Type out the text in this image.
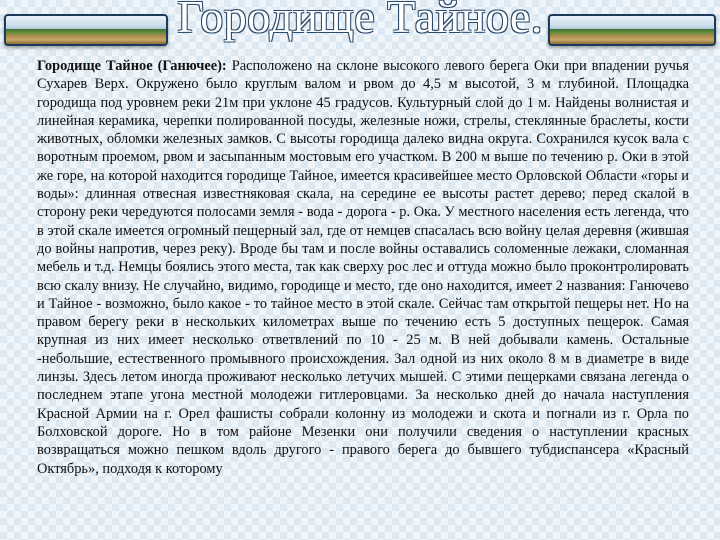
Городище Тайное.

Городище Тайное (Ганючее): Расположено на склоне высокого левого берега Оки при впадении ручья Сухарев Верх. Окружено было круглым валом и рвом до 4,5 м высотой, 3 м глубиной. Площадка городища под уровнем реки 21м при уклоне 45 градусов. Культурный слой до 1 м. Найдены волнистая и линейная керамика, черепки полированной посуды, железные ножи, стрелы, стеклянные браслеты, кости животных, обломки железных замков. С высоты городища далеко видна округа. Сохранился кусок вала с воротным проемом, рвом и засыпанным мостовым его участком. В 200 м выше по течению р. Оки в этой же горе, на которой находится городище Тайное, имеется красивейшее место Орловской Области «горы и воды»: длинная отвесная известняковая скала, на середине ее высоты растет дерево; перед скалой в сторону реки чередуются полосами земля - вода - дорога - р. Ока. У местного населения есть легенда, что в этой скале имеется огромный пещерный зал, где от немцев спасалась всю войну целая деревня (жившая до войны напротив, через реку). Вроде бы там и после войны оставались соломенные лежаки, сломанная мебель и т.д. Немцы боялись этого места, так как сверху рос лес и оттуда можно было проконтролировать всю скалу внизу. Не случайно, видимо, городище и место, где оно находится, имеет 2 названия: Ганючево и Тайное - возможно, было какое - то тайное место в этой скале. Сейчас там открытой пещеры нет. Но на правом берегу реки в нескольких километрах выше по течению есть 5 доступных пещерок. Самая крупная из них имеет несколько ответвлений по 10 - 25 м. В ней добывали камень. Остальные -небольшие, естественного промывного происхождения. Зал одной из них около 8 м в диаметре в виде линзы. Здесь летом иногда проживают несколько летучих мышей. С этими пещерками связана легенда о последнем этапе угона местной молодежи гитлеровцами. За несколько дней до начала наступления Красной Армии на г. Орел фашисты собрали колонну из молодежи и скота и погнали из г. Орла по Болховской дороге. Но в том районе Мезенки они получили сведения о наступлении красных возвращаться можно пешком вдоль другого - правого берега до бывшего тубдиспансера «Красный Октябрь», подходя к которому
